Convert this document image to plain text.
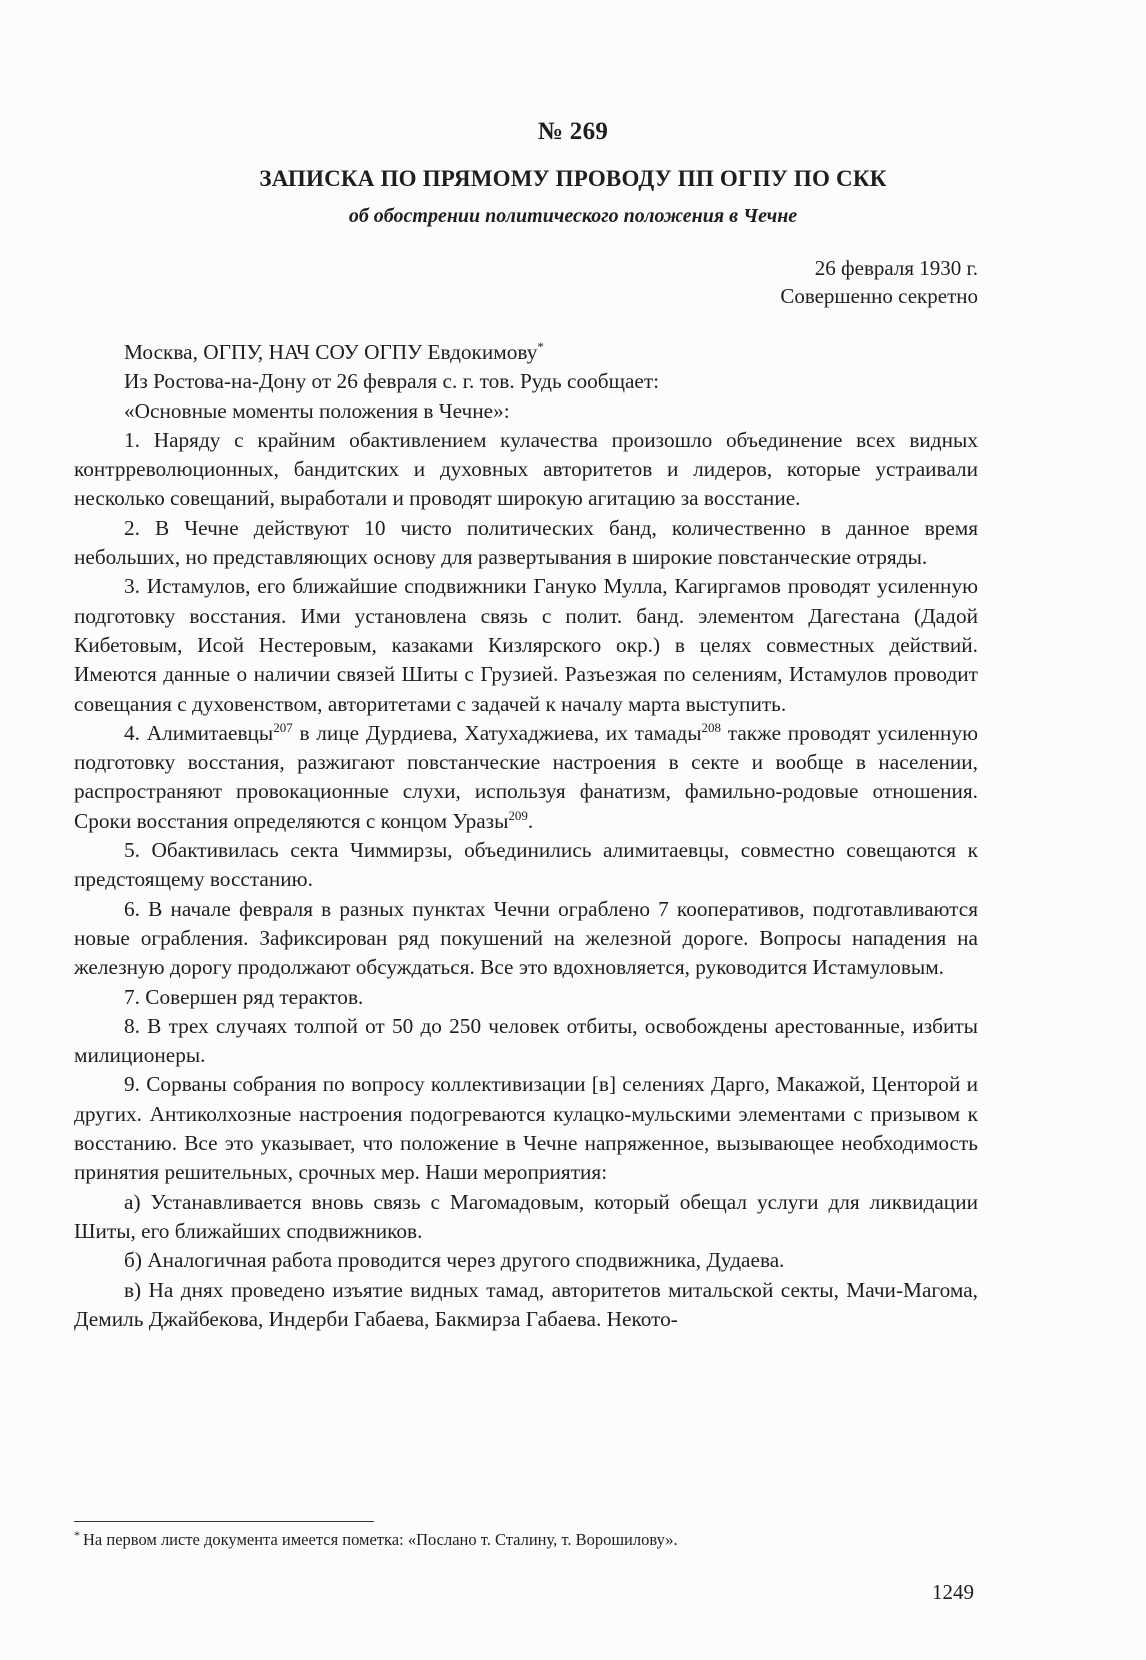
№ 269
ЗАПИСКА ПО ПРЯМОМУ ПРОВОДУ ПП ОГПУ ПО СКК
об обострении политического положения в Чечне
26 февраля 1930 г.
Совершенно секретно

Москва, ОГПУ, НАЧ СОУ ОГПУ Евдокимову*

Из Ростова-на-Дону от 26 февраля с. г. тов. Рудь сообщает:

«Основные моменты положения в Чечне»:

1. Наряду с крайним обактивлением кулачества произошло объединение всех видных контрреволюционных, бандитских и духовных авторитетов и лидеров, которые устраивали несколько совещаний, выработали и проводят широкую агитацию за восстание.

2. В Чечне действуют 10 чисто политических банд, количественно в данное время небольших, но представляющих основу для развертывания в широкие повстанческие отряды.

3. Истамулов, его ближайшие сподвижники Гануко Мулла, Кагиргамов проводят усиленную подготовку восстания. Ими установлена связь с полит. банд. элементом Дагестана (Дадой Кибетовым, Исой Нестеровым, казаками Кизлярского окр.) в целях совместных действий. Имеются данные о наличии связей Шиты с Грузией. Разъезжая по селениям, Истамулов проводит совещания с духовенством, авторитетами с задачей к началу марта выступить.

4. Алимитаевцы$^{207}$ в лице Дурдиева, Хатухаджиева, их тамады$^{208}$ также проводят усиленную подготовку восстания, разжигают повстанческие настроения в секте и вообще в населении, распространяют провокационные слухи, используя фанатизм, фамильно-родовые отношения. Сроки восстания определяются с концом Уразы$^{209}$.

5. Обактивилась секта Чиммирзы, объединились алимитаевцы, совместно совещаются к предстоящему восстанию.

6. В начале февраля в разных пунктах Чечни ограблено 7 кооперативов, подготавливаются новые ограбления. Зафиксирован ряд покушений на железной дороге. Вопросы нападения на железную дорогу продолжают обсуждаться. Все это вдохновляется, руководится Истамуловым.

7. Совершен ряд терактов.

8. В трех случаях толпой от 50 до 250 человек отбиты, освобождены арестованные, избиты милиционеры.

9. Сорваны собрания по вопросу коллективизации [в] селениях Дарго, Макажой, Центорой и других. Антиколхозные настроения подогреваются кулацко-мульскими элементами с призывом к восстанию. Все это указывает, что положение в Чечне напряженное, вызывающее необходимость принятия решительных, срочных мер. Наши мероприятия:

а) Устанавливается вновь связь с Магомадовым, который обещал услуги для ликвидации Шиты, его ближайших сподвижников.

б) Аналогичная работа проводится через другого сподвижника, Дудаева.

в) На днях проведено изъятие видных тамад, авторитетов митальской секты, Мачи-Магома, Демиль Джайбекова, Индерби Габаева, Бакмирза Габаева. Некото-

* На первом листе документа имеется пометка: «Послано т. Сталину, т. Ворошилову».
1249
